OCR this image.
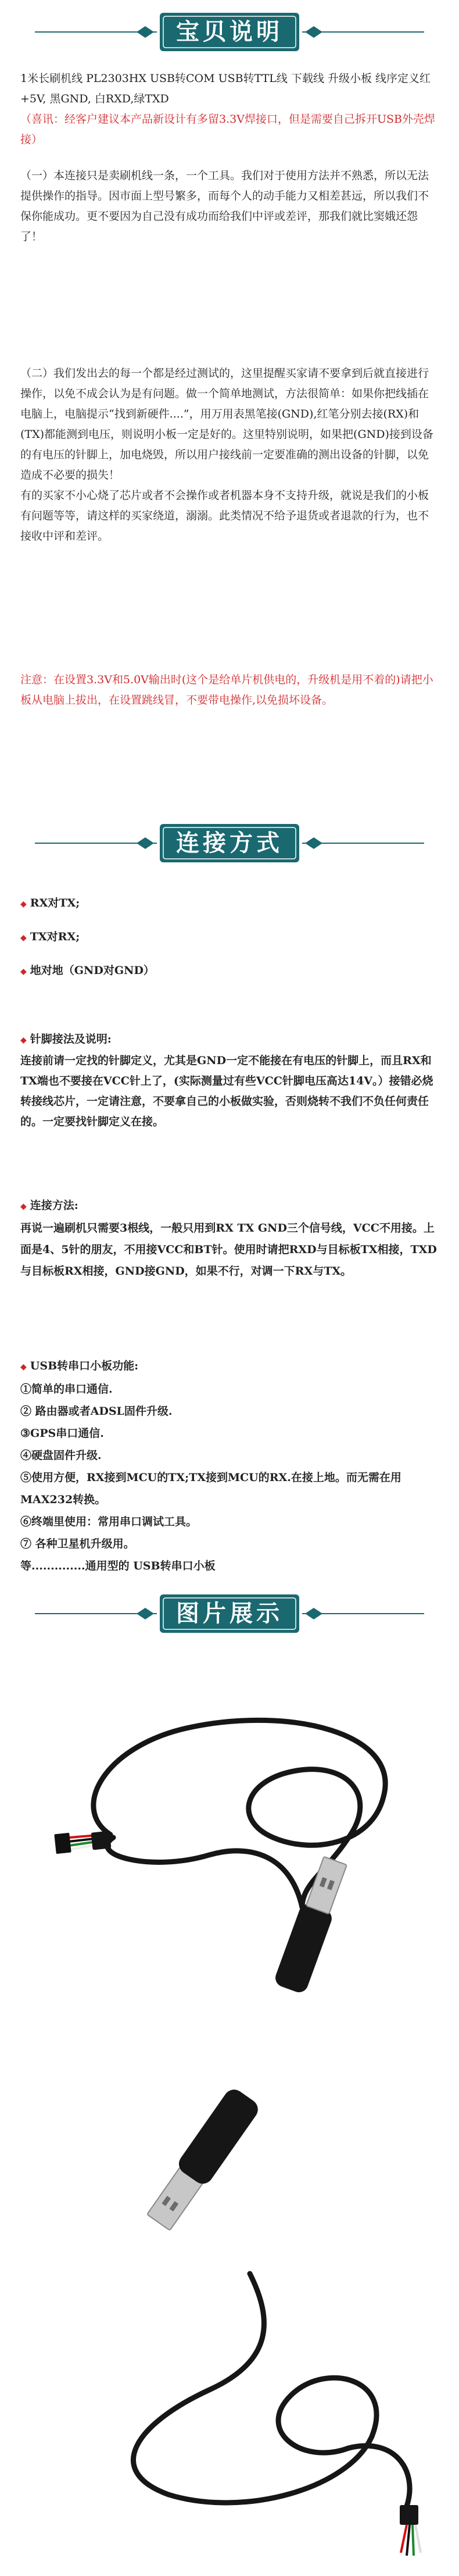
宝贝说明

1米长刷机线 PL2303HX USB转COM USB转TTL线 下载线 升级小板 线序定义红+5V, 黑GND, 白RXD,绿TXD

（喜讯：经客户建议本产品新设计有多留3.3V焊接口，但是需要自己拆开USB外壳焊接）

（一）本连接只是卖刷机线一条，一个工具。我们对于使用方法并不熟悉，所以无法提供操作的指导。因市面上型号繁多，而每个人的动手能力又相差甚远，所以我们不保你能成功。更不要因为自己没有成功而给我们中评或差评，那我们就比窦娥还怨了！

（二）我们发出去的每一个都是经过测试的，这里提醒买家请不要拿到后就直接进行操作，以免不成会认为是有问题。做一个简单地测试，方法很简单：如果你把线插在电脑上，电脑提示“找到新硬件....”，用万用表黑笔接(GND),红笔分别去接(RX)和(TX)都能测到电压，则说明小板一定是好的。这里特别说明，如果把(GND)接到设备的有电压的针脚上，加电烧毁，所以用户接线前一定要准确的测出设备的针脚，以免造成不必要的损失！

有的买家不小心烧了芯片或者不会操作或者机器本身不支持升级，就说是我们的小板有问题等等，请这样的买家绕道，溺溺。此类情况不给予退货或者退款的行为，也不接收中评和差评。

注意：在设置3.3V和5.0V输出时(这个是给单片机供电的，升级机是用不着的)请把小板从电脑上拔出，在设置跳线冒，不要带电操作,以免损坏设备。

连接方式

◆ RX对TX;

◆ TX对RX;

◆ 地对地（GND对GND）

◆ 针脚接法及说明:

连接前请一定找的针脚定义，尤其是GND一定不能接在有电压的针脚上，而且RX和TX端也不要接在VCC针上了，(实际测量过有些VCC针脚电压高达14V。）接错必烧转接线芯片，一定请注意，不要拿自己的小板做实验，否则烧转不我们不负任何责任的。一定要找针脚定义在接。

◆ 连接方法:

再说一遍刷机只需要3根线，一般只用到RX TX GND三个信号线，VCC不用接。上面是4、5针的朋友，不用接VCC和BT针。使用时请把RXD与目标板TX相接，TXD与目标板RX相接，GND接GND，如果不行，对调一下RX与TX。

◆ USB转串口小板功能:

①简单的串口通信.

② 路由器或者ADSL固件升级.

③GPS串口通信.

④硬盘固件升级.

⑤使用方便，RX接到MCU的TX;TX接到MCU的RX.在接上地。而无需在用MAX232转换。

⑥终端里使用：常用串口调试工具。

⑦ 各种卫星机升级用。

等..............通用型的 USB转串口小板

图片展示
